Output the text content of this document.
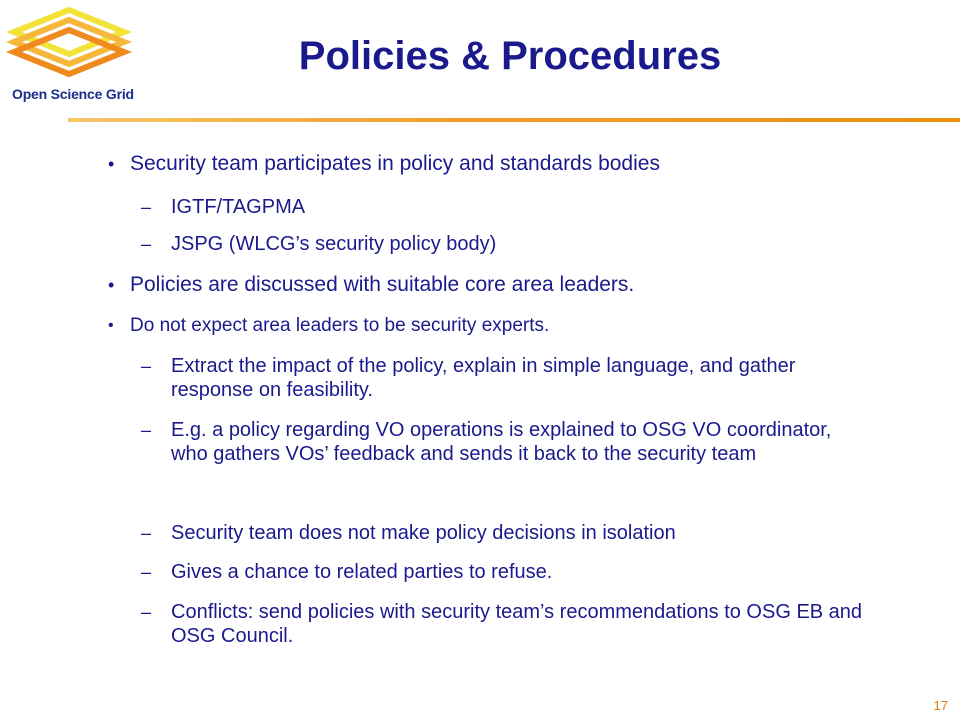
Open Science Grid
Policies & Procedures
• Security team participates in policy and standards bodies
– IGTF/TAGPMA
– JSPG (WLCG’s security policy body)
• Policies are discussed with suitable core area leaders.
• Do not expect area leaders to be security experts.
– Extract the impact of the policy, explain in simple language, and gather response on feasibility.
– E.g. a policy regarding VO operations is explained to OSG VO coordinator, who gathers VOs’ feedback and sends it back to the security team
– Security team does not make policy decisions in isolation
– Gives a chance to related parties to refuse.
– Conflicts: send policies with security team’s recommendations to OSG EB and OSG Council.
17
